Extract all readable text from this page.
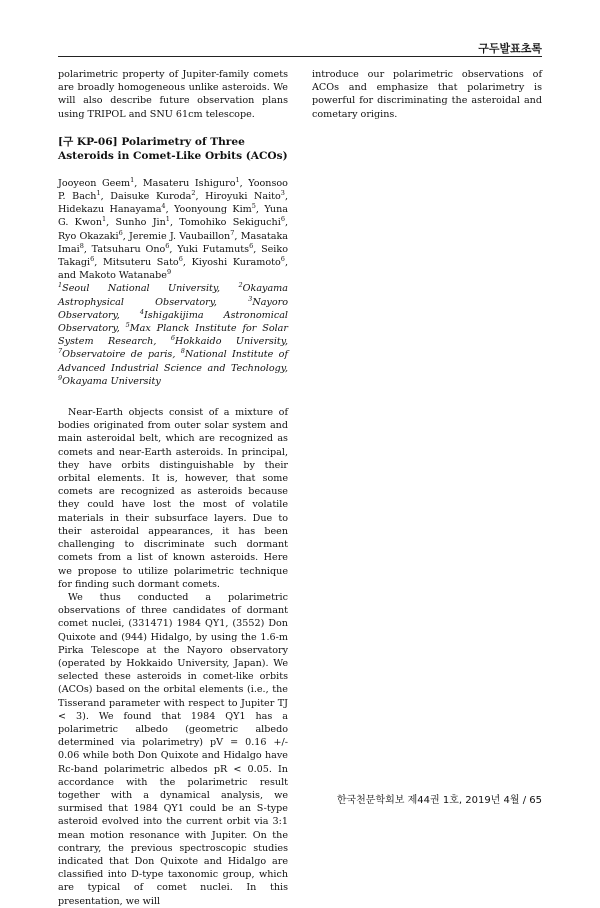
구두발표초록

polarimetric property of Jupiter-family comets are broadly homogeneous unlike asteroids. We will also describe future observation plans using TRIPOL and SNU 61cm telescope.

[구 KP-06] Polarimetry of Three Asteroids in Comet-Like Orbits (ACOs)

Jooyeon Geem$^1$, Masateru Ishiguro$^1$, Yoonsoo P. Bach$^1$, Daisuke Kuroda$^2$, Hiroyuki Naito$^3$, Hidekazu Hanayama$^4$, Yoonyoung Kim$^5$, Yuna G. Kwon$^1$, Sunho Jin$^1$, Tomohiko Sekiguchi$^6$, Ryo Okazaki$^6$, Jeremie J. Vaubaillon$^7$, Masataka Imai$^8$, Tatsuharu Ono$^6$, Yuki Futamuts$^6$, Seiko Takagi$^6$, Mitsuteru Sato$^6$, Kiyoshi Kuramoto$^6$, and Makoto Watanabe$^9$

$^1$Seoul National University, $^2$Okayama Astrophysical Observatory, $^3$Nayoro Observatory, $^4$Ishigakijima Astronomical Observatory, $^5$Max Planck Institute for Solar System Research, $^6$Hokkaido University, $^7$Observatoire de paris, $^8$National Institute of Advanced Industrial Science and Technology, $^9$Okayama University

Near-Earth objects consist of a mixture of bodies originated from outer solar system and main asteroidal belt, which are recognized as comets and near-Earth asteroids. In principal, they have orbits distinguishable by their orbital elements. It is, however, that some comets are recognized as asteroids because they could have lost the most of volatile materials in their subsurface layers. Due to their asteroidal appearances, it has been challenging to discriminate such dormant comets from a list of known asteroids. Here we propose to utilize polarimetric technique for finding such dormant comets.

We thus conducted a polarimetric observations of three candidates of dormant comet nuclei, (331471) 1984 QY1, (3552) Don Quixote and (944) Hidalgo, by using the 1.6-m Pirka Telescope at the Nayoro observatory (operated by Hokkaido University, Japan). We selected these asteroids in comet-like orbits (ACOs) based on the orbital elements (i.e., the Tisserand parameter with respect to Jupiter TJ < 3). We found that 1984 QY1 has a polarimetric albedo (geometric albedo determined via polarimetry) pV = 0.16 +/- 0.06 while both Don Quixote and Hidalgo have Rc-band polarimetric albedos pR < 0.05. In accordance with the polarimetric result together with a dynamical analysis, we surmised that 1984 QY1 could be an S-type asteroid evolved into the current orbit via 3:1 mean motion resonance with Jupiter. On the contrary, the previous spectroscopic studies indicated that Don Quixote and Hidalgo are classified into D-type taxonomic group, which are typical of comet nuclei. In this presentation, we will

introduce our polarimetric observations of ACOs and emphasize that polarimetry is powerful for discriminating the asteroidal and cometary origins.

한국천문학회보 제44권 1호, 2019년 4월 / 65
